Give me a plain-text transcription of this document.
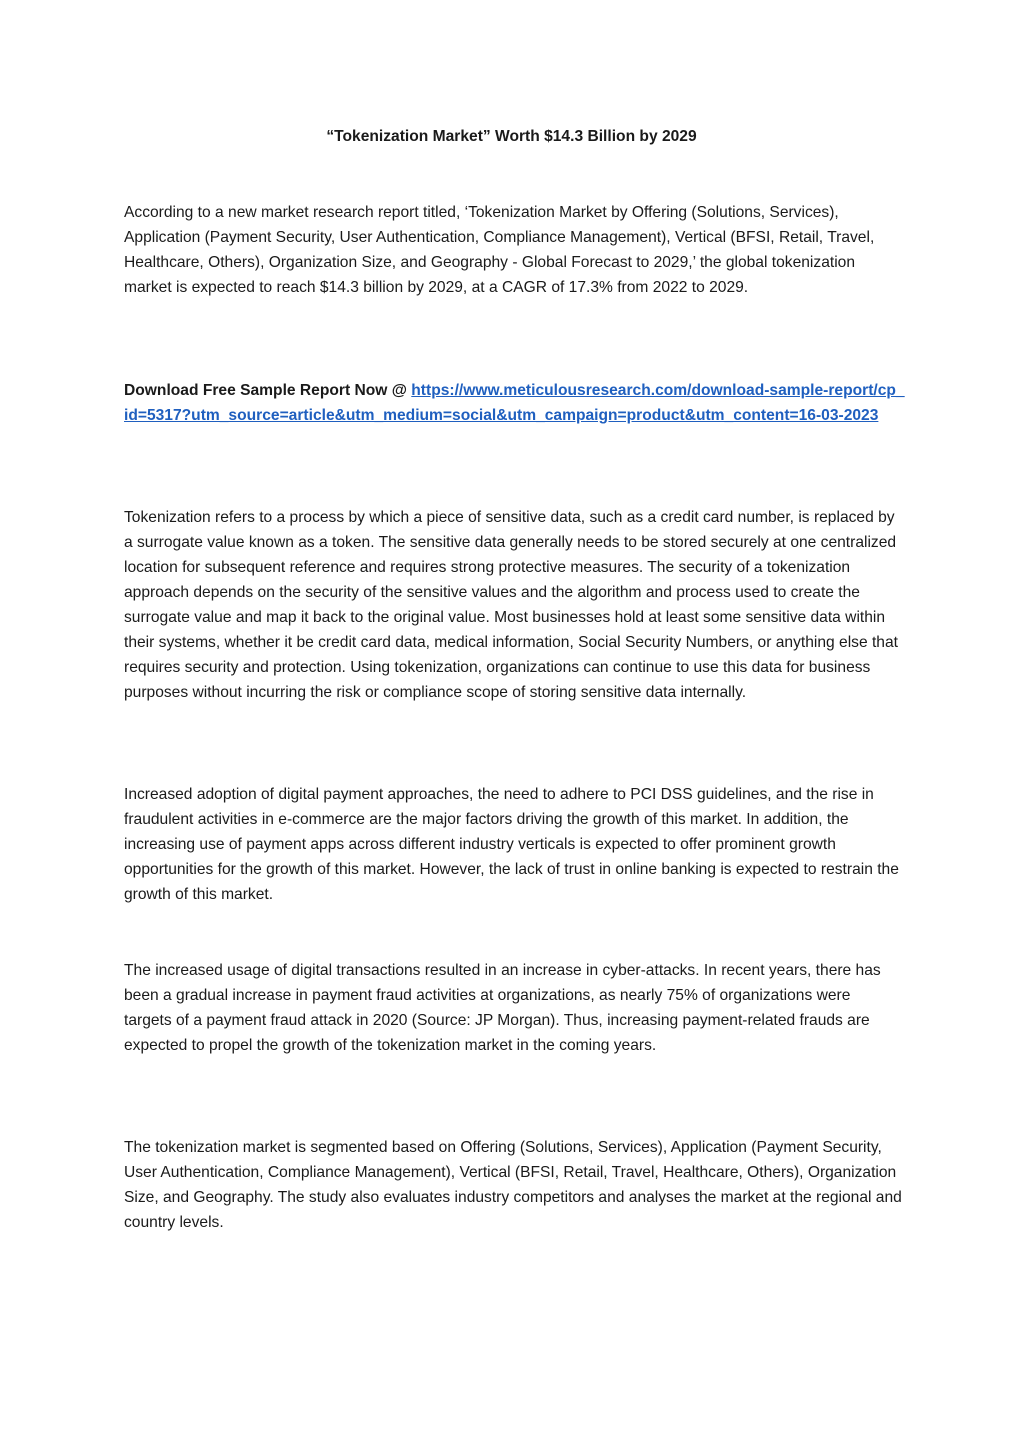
“Tokenization Market” Worth $14.3 Billion by 2029

According to a new market research report titled, ‘Tokenization Market by Offering (Solutions, Services), Application (Payment Security, User Authentication, Compliance Management), Vertical (BFSI, Retail, Travel, Healthcare, Others), Organization Size, and Geography - Global Forecast to 2029,’ the global tokenization market is expected to reach $14.3 billion by 2029, at a CAGR of 17.3% from 2022 to 2029.

Download Free Sample Report Now @ https://www.meticulousresearch.com/download-sample-report/cp_id=5317?utm_source=article&utm_medium=social&utm_campaign=product&utm_content=16-03-2023

Tokenization refers to a process by which a piece of sensitive data, such as a credit card number, is replaced by a surrogate value known as a token. The sensitive data generally needs to be stored securely at one centralized location for subsequent reference and requires strong protective measures. The security of a tokenization approach depends on the security of the sensitive values and the algorithm and process used to create the surrogate value and map it back to the original value. Most businesses hold at least some sensitive data within their systems, whether it be credit card data, medical information, Social Security Numbers, or anything else that requires security and protection. Using tokenization, organizations can continue to use this data for business purposes without incurring the risk or compliance scope of storing sensitive data internally.

Increased adoption of digital payment approaches, the need to adhere to PCI DSS guidelines, and the rise in fraudulent activities in e-commerce are the major factors driving the growth of this market. In addition, the increasing use of payment apps across different industry verticals is expected to offer prominent growth opportunities for the growth of this market. However, the lack of trust in online banking is expected to restrain the growth of this market.

The increased usage of digital transactions resulted in an increase in cyber-attacks. In recent years, there has been a gradual increase in payment fraud activities at organizations, as nearly 75% of organizations were targets of a payment fraud attack in 2020 (Source: JP Morgan). Thus, increasing payment-related frauds are expected to propel the growth of the tokenization market in the coming years.

The tokenization market is segmented based on Offering (Solutions, Services), Application (Payment Security, User Authentication, Compliance Management), Vertical (BFSI, Retail, Travel, Healthcare, Others), Organization Size, and Geography. The study also evaluates industry competitors and analyses the market at the regional and country levels.
